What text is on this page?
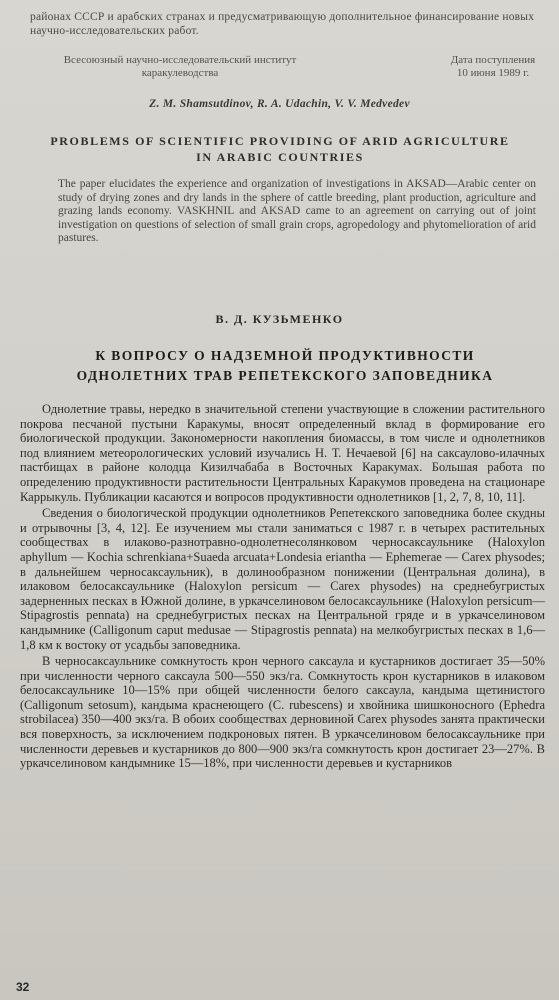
районах СССР и арабских странах и предусматривающую дополнительное финансирование новых научно-исследовательских работ.
Всесоюзный научно-исследовательский институт каракулеводства
Дата поступления
10 июня 1989 г.
Z. M. Shamsutdinov, R. A. Udachin, V. V. Medvedev
PROBLEMS OF SCIENTIFIC PROVIDING OF ARID AGRICULTURE IN ARABIC COUNTRIES
The paper elucidates the experience and organization of investigations in AKSAD—Arabic center on study of drying zones and dry lands in the sphere of cattle breeding, plant production, agriculture and grazing lands economy. VASKHNIL and AKSAD came to an agreement on carrying out of joint investigation on questions of selection of small grain crops, agropedology and phytomelioration of arid pastures.
В. Д. КУЗЬМЕНКО
К ВОПРОСУ О НАДЗЕМНОЙ ПРОДУКТИВНОСТИ ОДНОЛЕТНИХ ТРАВ РЕПЕТЕКСКОГО ЗАПОВЕДНИКА

Однолетние травы, нередко в значительной степени участвующие в сложении растительного покрова песчаной пустыни Каракумы, вносят определенный вклад в формирование его биологической продукции. Закономерности накопления биомассы, в том числе и однолетников под влиянием метеорологических условий изучались Н. Т. Нечаевой [6] на саксаулово-илачных пастбищах в районе колодца Кизилчабаба в Восточных Каракумах. Большая работа по определению продуктивности растительности Центральных Каракумов проведена на стационаре Каррыкуль. Публикации касаются и вопросов продуктивности однолетников [1, 2, 7, 8, 10, 11].

Сведения о биологической продукции однолетников Репетекского заповедника более скудны и отрывочны [3, 4, 12]. Ее изучением мы стали заниматься с 1987 г. в четырех растительных сообществах в илаково-разнотравно-однолетнесолянковом черносаксаульнике (Haloxylon aphyllum — Kochia schrenkiana+Suaeda arcuata+Londesia eriantha — Ephemerae — Carex physodes; в дальнейшем черносаксаульник), в долинообразном понижении (Центральная долина), в илаковом белосаксаульнике (Haloxylon persicum — Carex physodes) на среднебугристых задерненных песках в Южной долине, в уркачселиновом белосаксаульнике (Haloxylon persicum—Stipagrostis pennata) на среднебугристых песках на Центральной гряде и в уркачселиновом кандымнике (Calligonum caput medusae — Stipagrostis pennata) на мелкобугристых песках в 1,6—1,8 км к востоку от усадьбы заповедника.

В черносаксаульнике сомкнутость крон черного саксаула и кустарников достигает 35—50% при численности черного саксаула 500—550 экз/га. Сомкнутость крон кустарников в илаковом белосаксаульнике 10—15% при общей численности белого саксаула, кандыма щетинистого (Calligonum setosum), кандыма краснеющего (C. rubescens) и хвойника шишконосного (Ephedra strobilacea) 350—400 экз/га. В обоих сообществах дерновиной Carex physodes занята практически вся поверхность, за исключением подкроновых пятен. В уркачселиновом белосаксаульнике при численности деревьев и кустарников до 800—900 экз/га сомкнутость крон достигает 23—27%. В уркачселиновом кандымнике 15—18%, при численности деревьев и кустарников

32
